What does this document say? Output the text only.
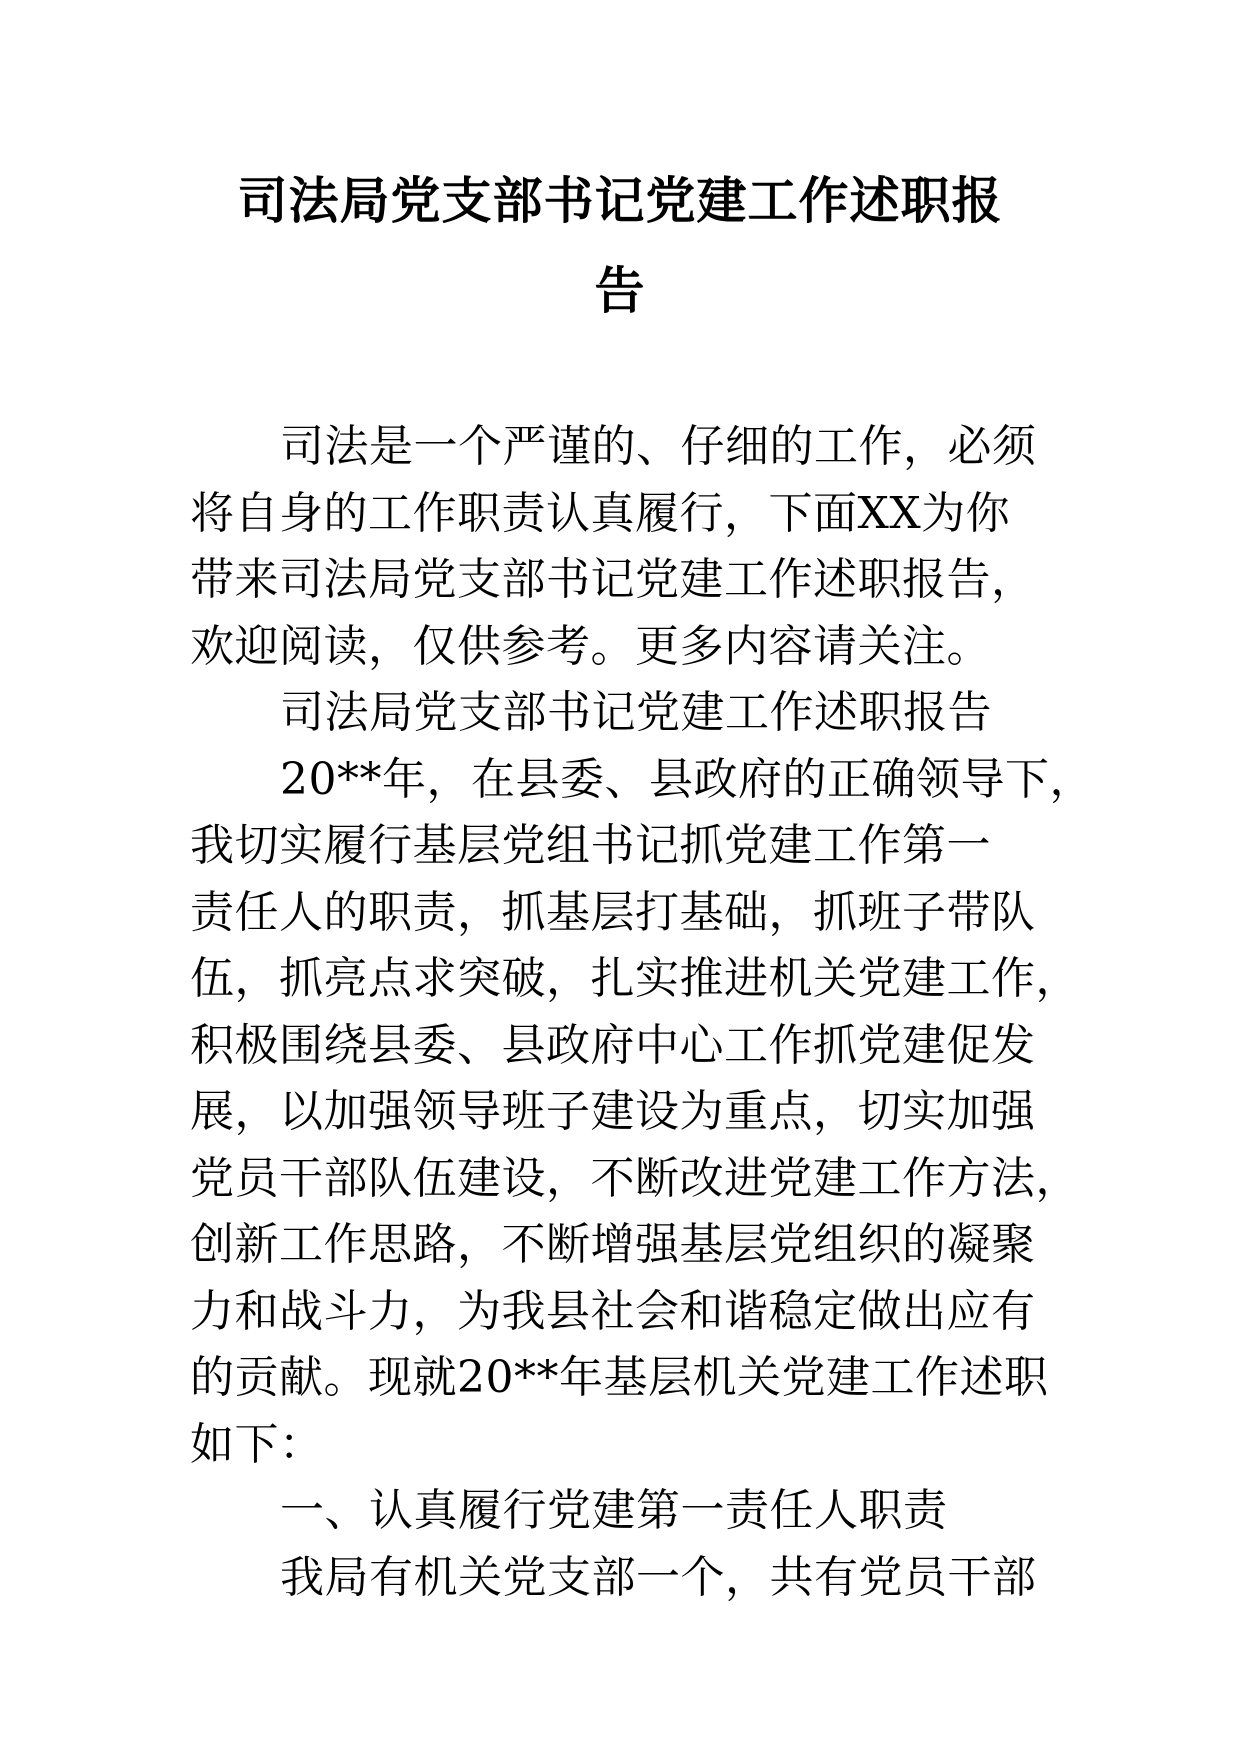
司法局党支部书记党建工作述职报
告

司法是一个严谨的、仔细的工作，必须

将自身的工作职责认真履行，下面XX为你

带来司法局党支部书记党建工作述职报告，

欢迎阅读，仅供参考。更多内容请关注。

司法局党支部书记党建工作述职报告

20**年，在县委、县政府的正确领导下，

我切实履行基层党组书记抓党建工作第一

责任人的职责，抓基层打基础，抓班子带队

伍，抓亮点求突破，扎实推进机关党建工作，

积极围绕县委、县政府中心工作抓党建促发

展，以加强领导班子建设为重点，切实加强

党员干部队伍建设，不断改进党建工作方法，

创新工作思路，不断增强基层党组织的凝聚

力和战斗力，为我县社会和谐稳定做出应有

的贡献。现就20**年基层机关党建工作述职

如下：

一、认真履行党建第一责任人职责

我局有机关党支部一个，共有党员干部
